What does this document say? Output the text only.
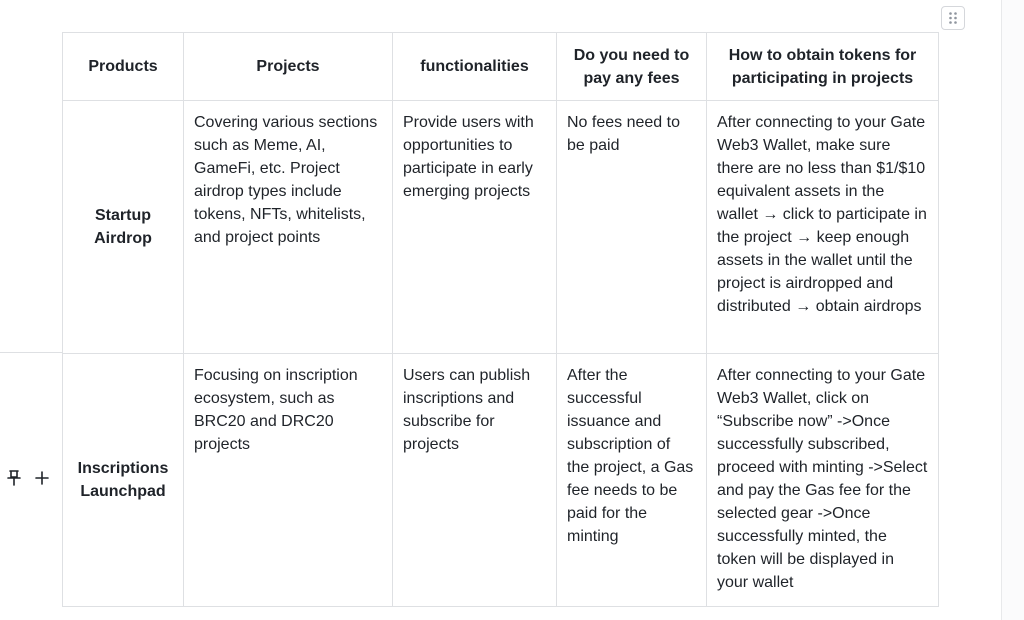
Products	Projects	functionalities	Do you need to pay any fees	How to obtain tokens for participating in projects
Startup Airdrop	Covering various sections such as Meme, AI, GameFi, etc. Project airdrop types include tokens, NFTs, whitelists, and project points	Provide users with opportunities to participate in early emerging projects	No fees need to be paid	After connecting to your Gate Web3 Wallet, make sure there are no less than $1/$10 equivalent assets in the wallet → click to participate in the project → keep enough assets in the wallet until the project is airdropped and distributed → obtain airdrops
Inscriptions Launchpad	Focusing on inscription ecosystem, such as BRC20 and DRC20 projects	Users can publish inscriptions and subscribe for projects	After the successful issuance and subscription of the project, a Gas fee needs to be paid for the minting	After connecting to your Gate Web3 Wallet, click on “Subscribe now” ->Once successfully subscribed, proceed with minting ->Select and pay the Gas fee for the selected gear ->Once successfully minted, the token will be displayed in your wallet
